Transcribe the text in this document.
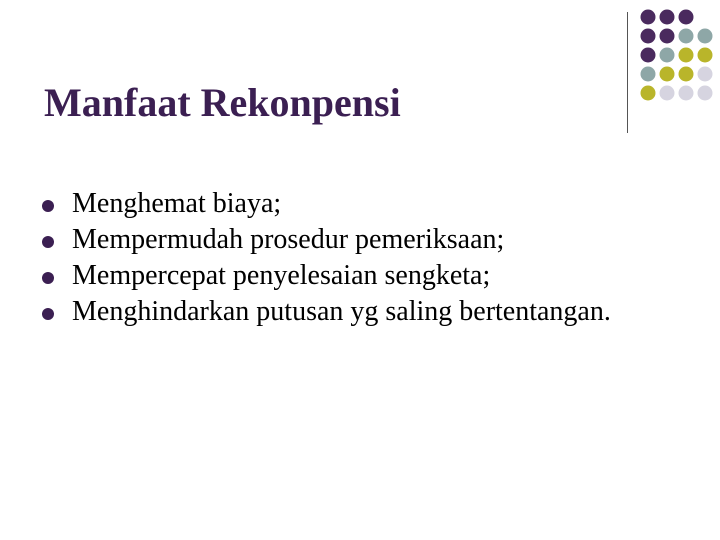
Manfaat Rekonpensi
Menghemat biaya;
Mempermudah prosedur pemeriksaan;
Mempercepat penyelesaian sengketa;
Menghindarkan putusan yg saling bertentangan.
